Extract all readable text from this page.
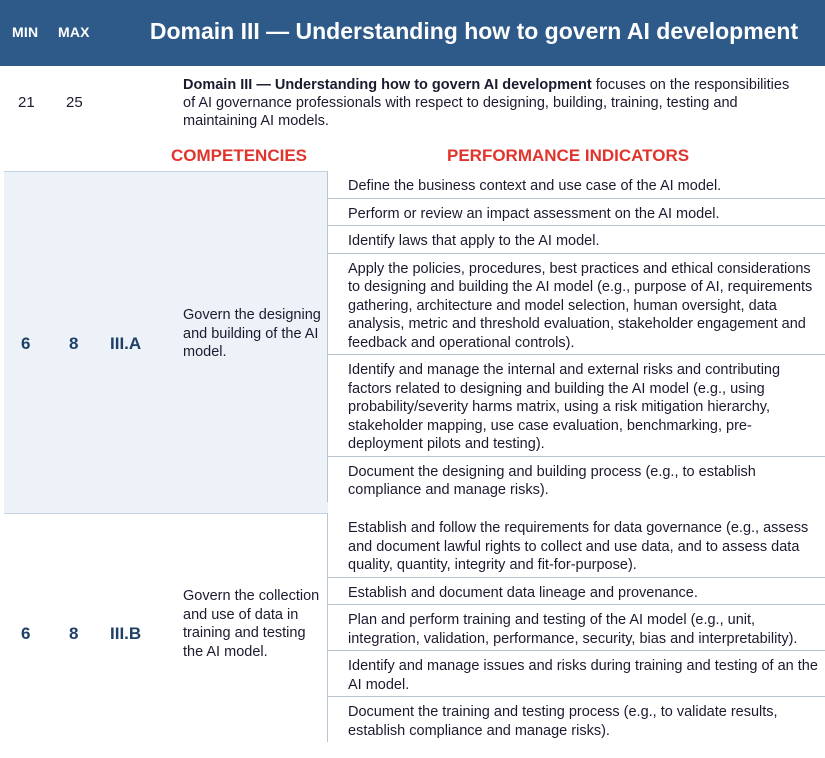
MIN MAX	Domain III — Understanding how to govern AI development
21 25

Domain III — Understanding how to govern AI development focuses on the responsibilities of AI governance professionals with respect to designing, building, training, testing and maintaining AI models.

COMPETENCIES	PERFORMANCE INDICATORS
6 8 III.A
Govern the designing and building of the AI model.
Define the business context and use case of the AI model.
Perform or review an impact assessment on the AI model.
Identify laws that apply to the AI model.
Apply the policies, procedures, best practices and ethical considerations to designing and building the AI model (e.g., purpose of AI, requirements gathering, architecture and model selection, human oversight, data analysis, metric and threshold evaluation, stakeholder engagement and feedback and operational controls).
Identify and manage the internal and external risks and contributing factors related to designing and building the AI model (e.g., using probability/severity harms matrix, using a risk mitigation hierarchy, stakeholder mapping, use case evaluation, benchmarking, pre-deployment pilots and testing).
Document the designing and building process (e.g., to establish compliance and manage risks).
6 8 III.B
Govern the collection and use of data in training and testing the AI model.
Establish and follow the requirements for data governance (e.g., assess and document lawful rights to collect and use data, and to assess data quality, quantity, integrity and fit-for-purpose).
Establish and document data lineage and provenance.
Plan and perform training and testing of the AI model (e.g., unit, integration, validation, performance, security, bias and interpretability).
Identify and manage issues and risks during training and testing of an the AI model.
Document the training and testing process (e.g., to validate results, establish compliance and manage risks).
